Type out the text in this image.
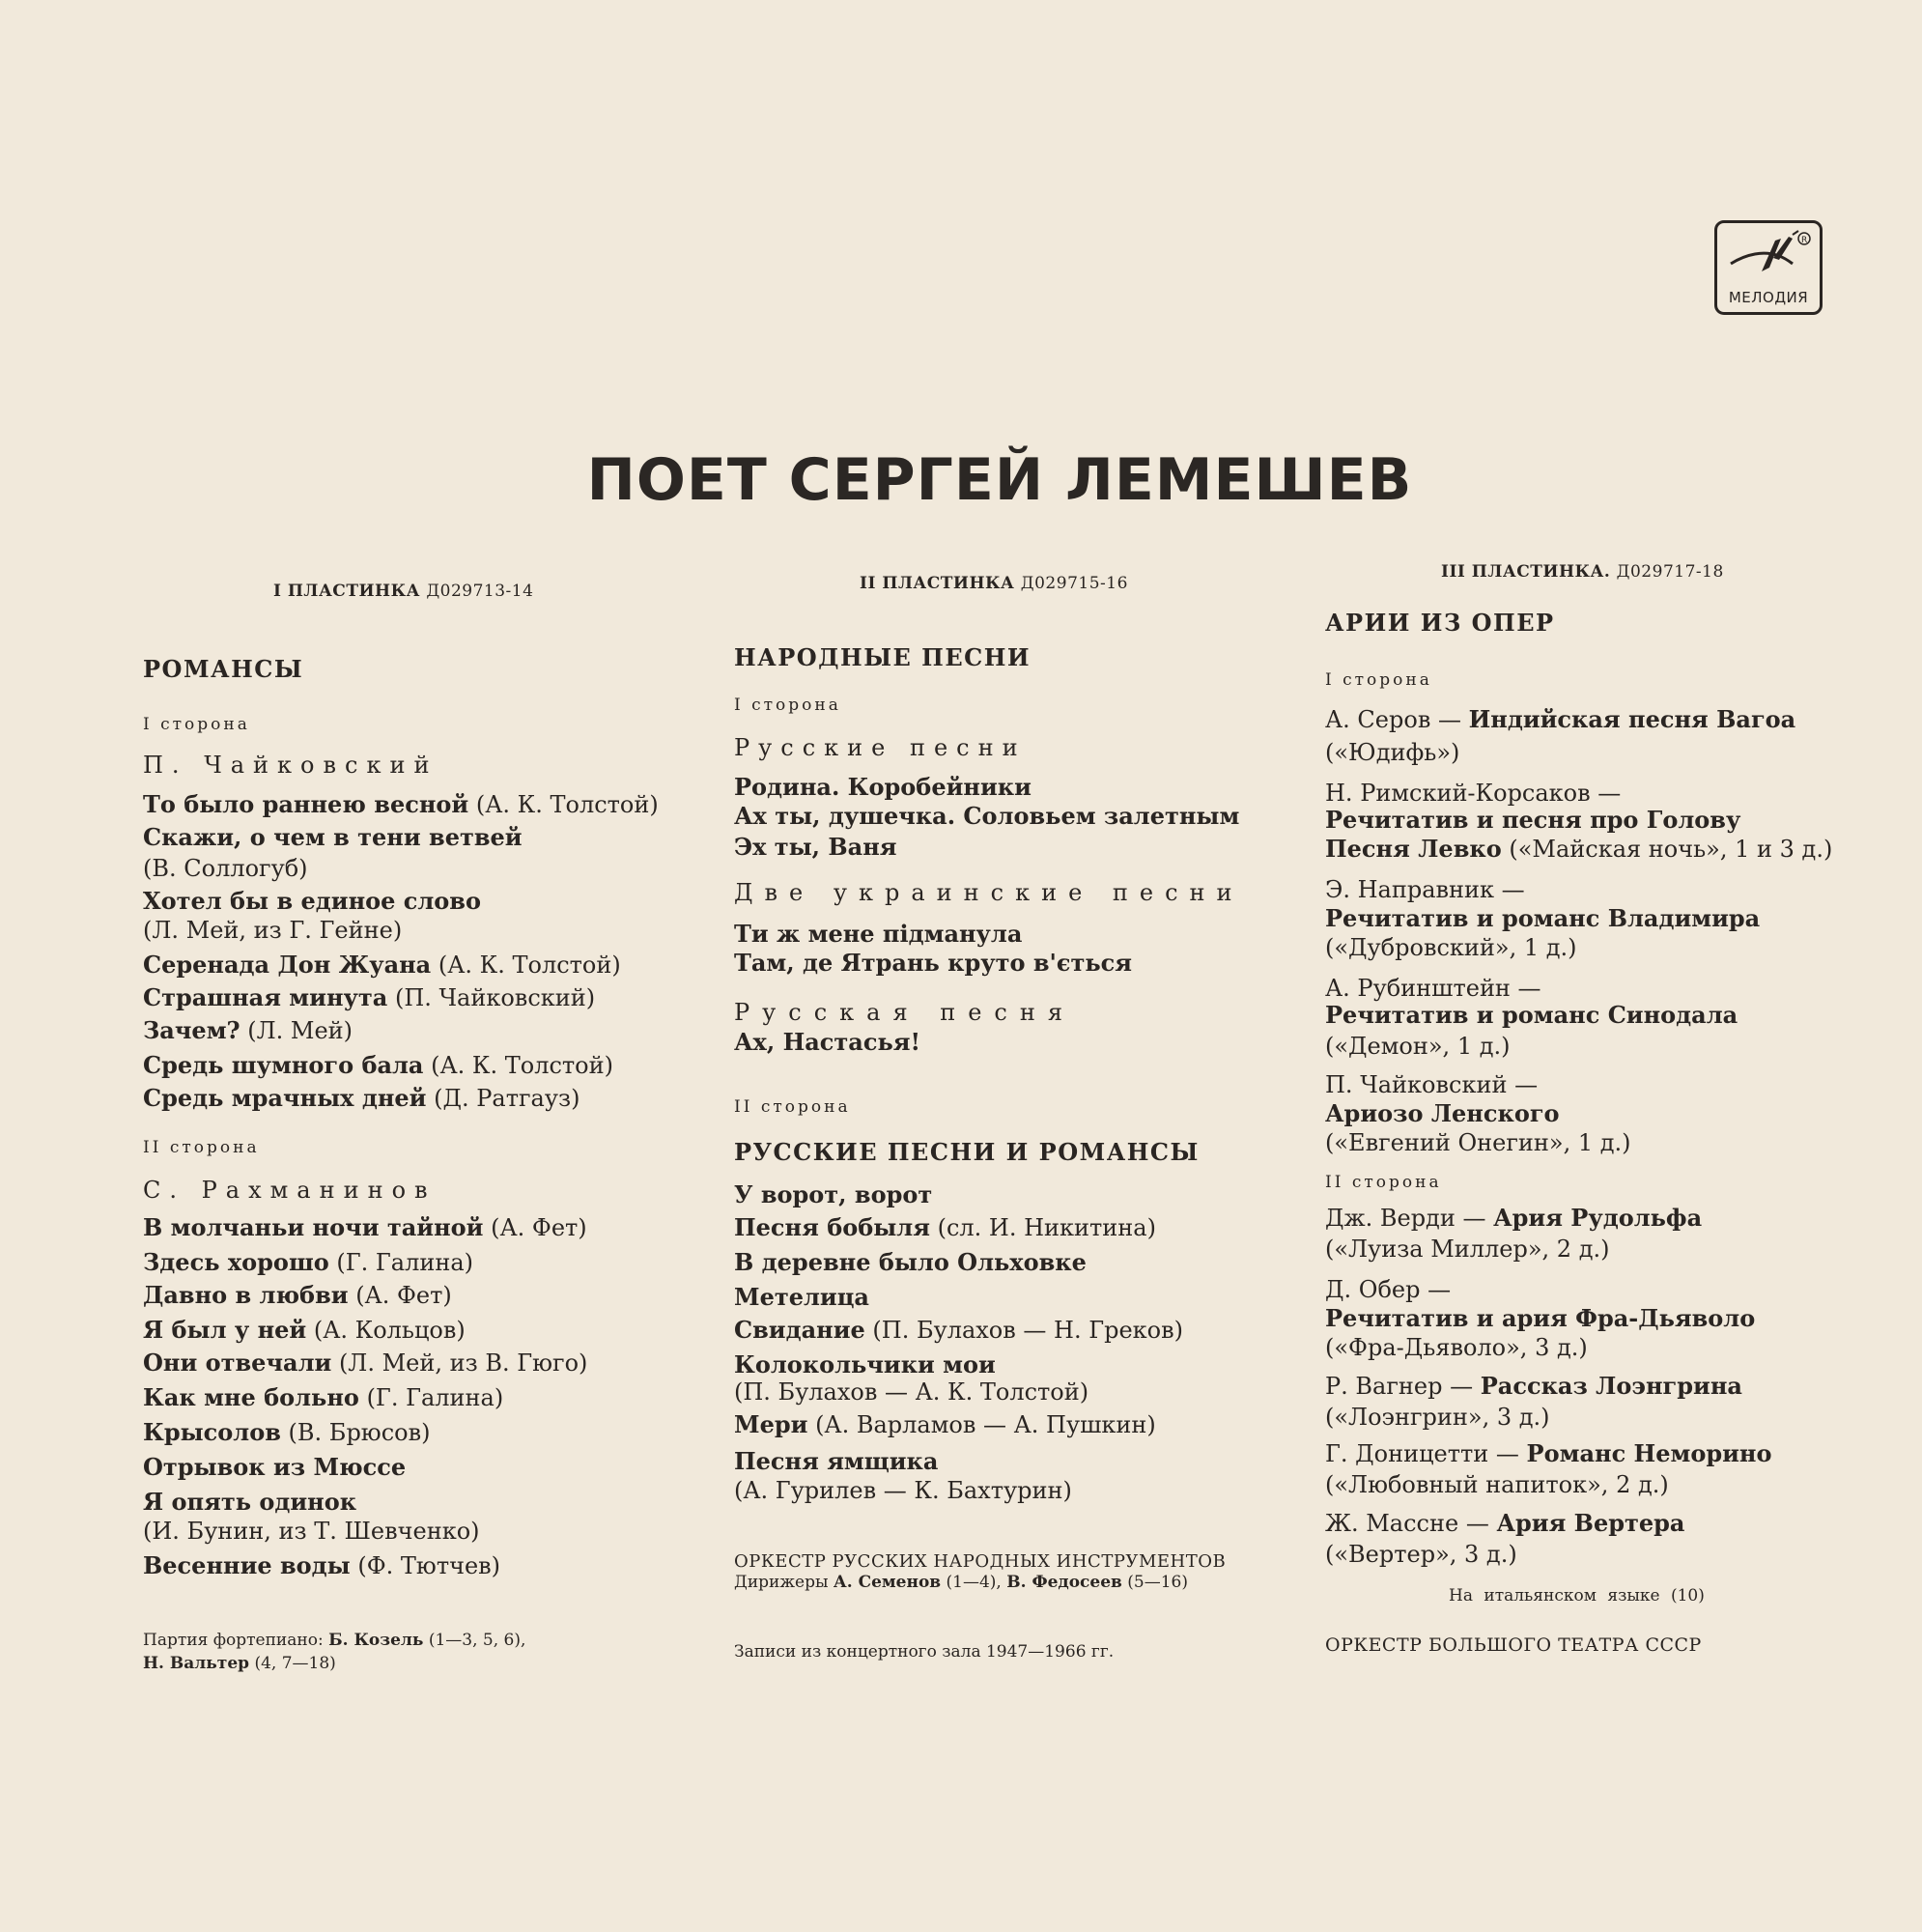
R
МЕЛОДИЯ
ПОЕТ СЕРГЕЙ ЛЕМЕШЕВ
I ПЛАСТИНКА Д029713-14
РОМАНСЫ
I сторона
П. Чайковский
То было раннею весной (А. К. Толстой)
Скажи, о чем в тени ветвей
(В. Соллогуб)
Хотел бы в единое слово
(Л. Мей, из Г. Гейне)
Серенада Дон Жуана (А. К. Толстой)
Страшная минута (П. Чайковский)
Зачем? (Л. Мей)
Средь шумного бала (А. К. Толстой)
Средь мрачных дней (Д. Ратгауз)
II сторона
С. Рахманинов
В молчаньи ночи тайной (А. Фет)
Здесь хорошо (Г. Галина)
Давно в любви (А. Фет)
Я был у ней (А. Кольцов)
Они отвечали (Л. Мей, из В. Гюго)
Как мне больно (Г. Галина)
Крысолов (В. Брюсов)
Отрывок из Мюссе
Я опять одинок
(И. Бунин, из Т. Шевченко)
Весенние воды (Ф. Тютчев)
Партия фортепиано: Б. Козель (1—3, 5, 6),
Н. Вальтер (4, 7—18)
II ПЛАСТИНКА Д029715-16
НАРОДНЫЕ ПЕСНИ
I сторона
Русские песни
Родина. Коробейники
Ах ты, душечка. Соловьем залетным
Эх ты, Ваня
Две украинские песни
Ти ж мене підманула
Там, де Ятрань круто в'ється
Русская песня
Ах, Настасья!
II сторона
РУССКИЕ ПЕСНИ И РОМАНСЫ
У ворот, ворот
Песня бобыля (сл. И. Никитина)
В деревне было Ольховке
Метелица
Свидание (П. Булахов — Н. Греков)
Колокольчики мои
(П. Булахов — А. К. Толстой)
Мери (А. Варламов — А. Пушкин)
Песня ямщика
(А. Гурилев — К. Бахтурин)
ОРКЕСТР РУССКИХ НАРОДНЫХ ИНСТРУМЕНТОВ
Дирижеры А. Семенов (1—4), В. Федосеев (5—16)
Записи из концертного зала 1947—1966 гг.
III ПЛАСТИНКА. Д029717-18
АРИИ ИЗ ОПЕР
I сторона
А. Серов — Индийская песня Вагоа
(«Юдифь»)
Н. Римский-Корсаков —
Речитатив и песня про Голову
Песня Левко («Майская ночь», 1 и 3 д.)
Э. Направник —
Речитатив и романс Владимира
(«Дубровский», 1 д.)
А. Рубинштейн —
Речитатив и романс Синодала
(«Демон», 1 д.)
П. Чайковский —
Ариозо Ленского
(«Евгений Онегин», 1 д.)
II сторона
Дж. Верди — Ария Рудольфа
(«Луиза Миллер», 2 д.)
Д. Обер —
Речитатив и ария Фра-Дьяволо
(«Фра-Дьяволо», 3 д.)
Р. Вагнер — Рассказ Лоэнгрина
(«Лоэнгрин», 3 д.)
Г. Доницетти — Романс Неморино
(«Любовный напиток», 2 д.)
Ж. Массне — Ария Вертера
(«Вертер», 3 д.)
На итальянском языке (10)
ОРКЕСТР БОЛЬШОГО ТЕАТРА СССР
